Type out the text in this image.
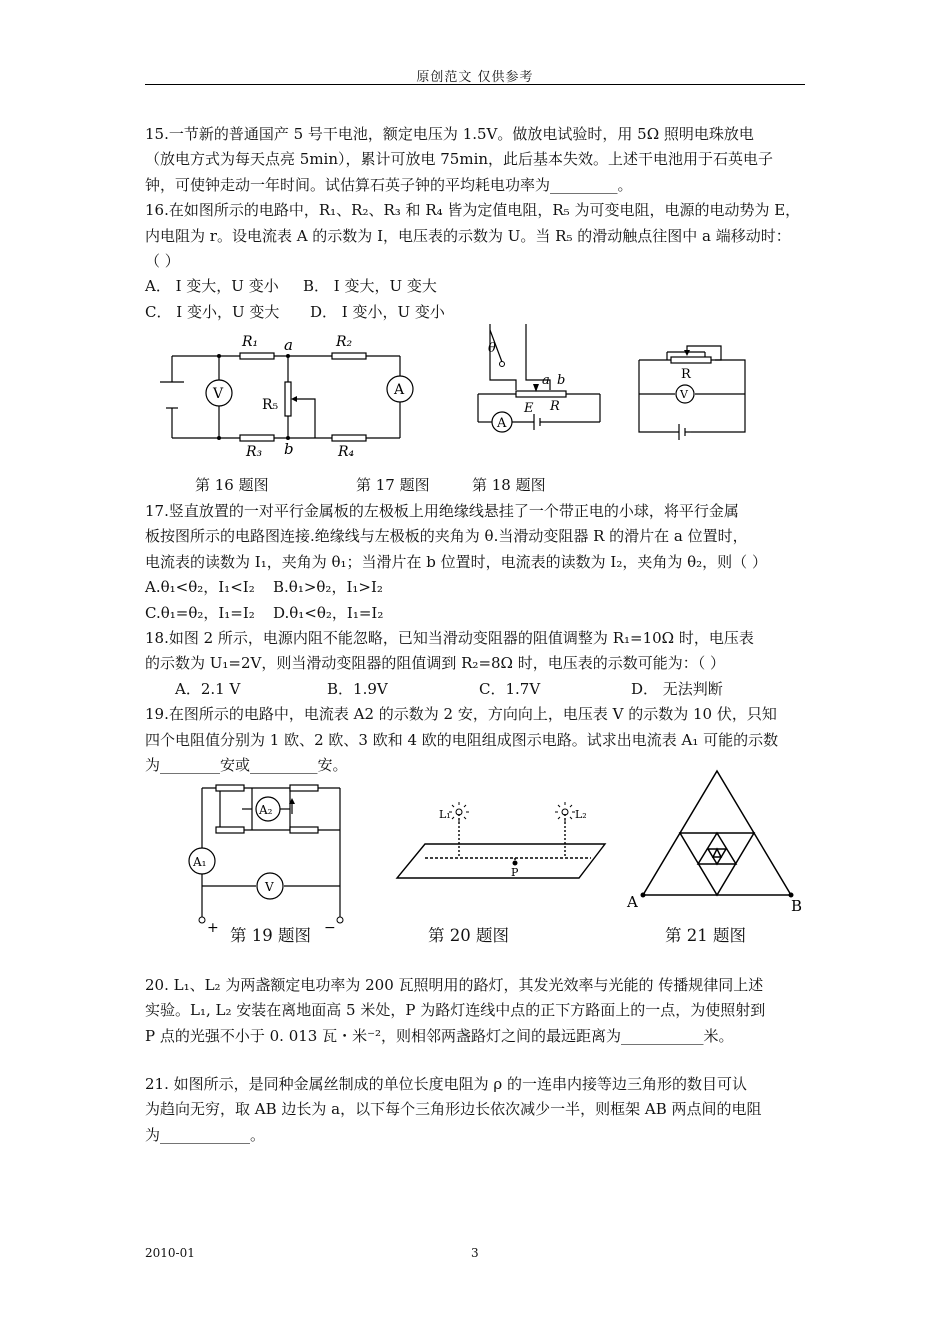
原创范文 仅供参考

15.一节新的普通国产 5 号干电池，额定电压为 1.5V。做放电试验时，用 5Ω 照明电珠放电

（放电方式为每天点亮 5min），累计可放电 75min，此后基本失效。上述干电池用于石英电子

钟，可使钟走动一年时间。试估算石英子钟的平均耗电功率为_________。

16.在如图所示的电路中，R₁、R₂、R₃ 和 R₄ 皆为定值电阻，R₅ 为可变电阻，电源的电动势为 E，

内电阻为 r。设电流表 A 的示数为 I，电压表的示数为 U。当 R₅ 的滑动触点往图中 a 端移动时：

（ ）

A． I 变大，U 变小 B． I 变大，U 变大

C． I 变小，U 变大 D． I 变小，U 变小

R₁ a	R₂
R₅
R₃ b	R₄
V	A
θ
a b
R
A
E
R
V
第 16 题图	第 17 题图	第 18 题图

17.竖直放置的一对平行金属板的左极板上用绝缘线悬挂了一个带正电的小球，将平行金属

板按图所示的电路图连接.绝缘线与左极板的夹角为 θ.当滑动变阻器 R 的滑片在 a 位置时，

电流表的读数为 I₁，夹角为 θ₁；当滑片在 b 位置时，电流表的读数为 I₂，夹角为 θ₂，则（ ）

A.θ₁<θ₂，I₁<I₂ B.θ₁>θ₂，I₁>I₂

C.θ₁=θ₂，I₁=I₂ D.θ₁<θ₂，I₁=I₂

18.如图 2 所示，电源内阻不能忽略，已知当滑动变阻器的阻值调整为 R₁=10Ω 时，电压表

的示数为 U₁=2V，则当滑动变阻器的阻值调到 R₂=8Ω 时，电压表的示数可能为：（ ）

A．2.1 V	B．1.9V	C．1.7V	D． 无法判断

19.在图所示的电路中，电流表 A2 的示数为 2 安，方向向上，电压表 V 的示数为 10 伏，只知

四个电阻值分别为 1 欧、2 欧、3 欧和 4 欧的电阻组成图示电路。试求出电流表 A₁ 可能的示数

为________安或_________安。

A₂
A₁
V
+	−
L₁	L₂
P
A	B
第 19 题图	第 20 题图	第 21 题图

20. L₁、L₂ 为两盏额定电功率为 200 瓦照明用的路灯，其发光效率与光能的 传播规律同上述

实验。L₁, L₂ 安装在离地面高 5 米处，P 为路灯连线中点的正下方路面上的一点，为使照射到

P 点的光强不小于 0. 013 瓦・米⁻²，则相邻两盏路灯之间的最远距离为___________米。

21. 如图所示，是同种金属丝制成的单位长度电阻为 ρ 的一连串内接等边三角形的数目可认

为趋向无穷，取 AB 边长为 a，以下每个三角形边长依次减少一半，则框架 AB 两点间的电阻

为____________。

2010-01	3
